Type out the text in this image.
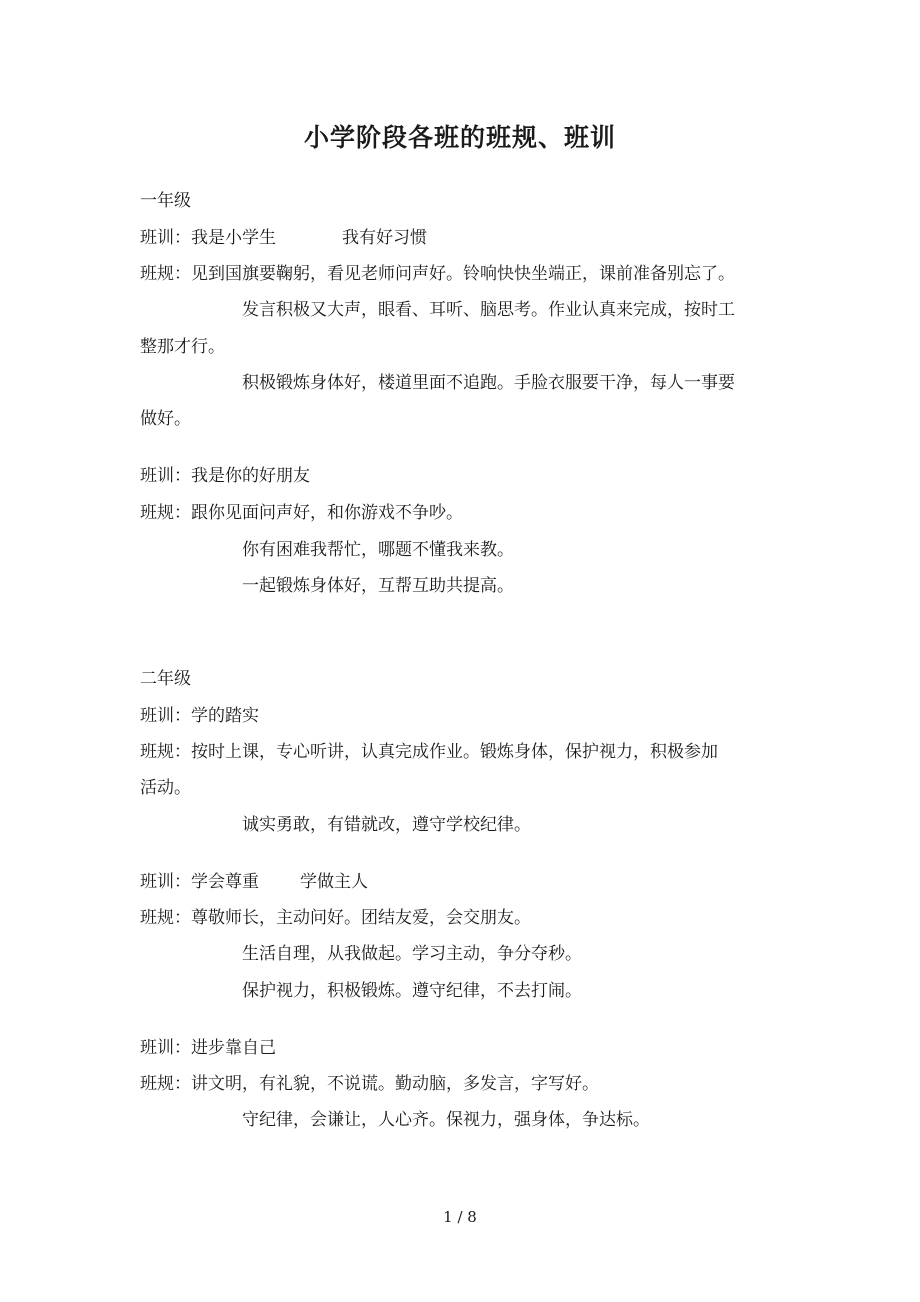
小学阶段各班的班规、班训
一年级
班训：我是小学生	我有好习惯
班规：见到国旗要鞠躬，看见老师问声好。铃响快快坐端正，课前准备别忘了。
发言积极又大声，眼看、耳听、脑思考。作业认真来完成，按时工
整那才行。
积极锻炼身体好，楼道里面不追跑。手脸衣服要干净，每人一事要
做好。
班训：我是你的好朋友
班规：跟你见面问声好，和你游戏不争吵。
你有困难我帮忙，哪题不懂我来教。
一起锻炼身体好，互帮互助共提高。
二年级
班训：学的踏实
班规：按时上课，专心听讲，认真完成作业。锻炼身体，保护视力，积极参加
活动。
诚实勇敢，有错就改，遵守学校纪律。
班训：学会尊重 学做主人
班规：尊敬师长，主动问好。团结友爱，会交朋友。
生活自理，从我做起。学习主动，争分夺秒。
保护视力，积极锻炼。遵守纪律，不去打闹。
班训：进步靠自己
班规：讲文明，有礼貌，不说谎。勤动脑，多发言，字写好。
守纪律，会谦让，人心齐。保视力，强身体，争达标。
1 / 8
